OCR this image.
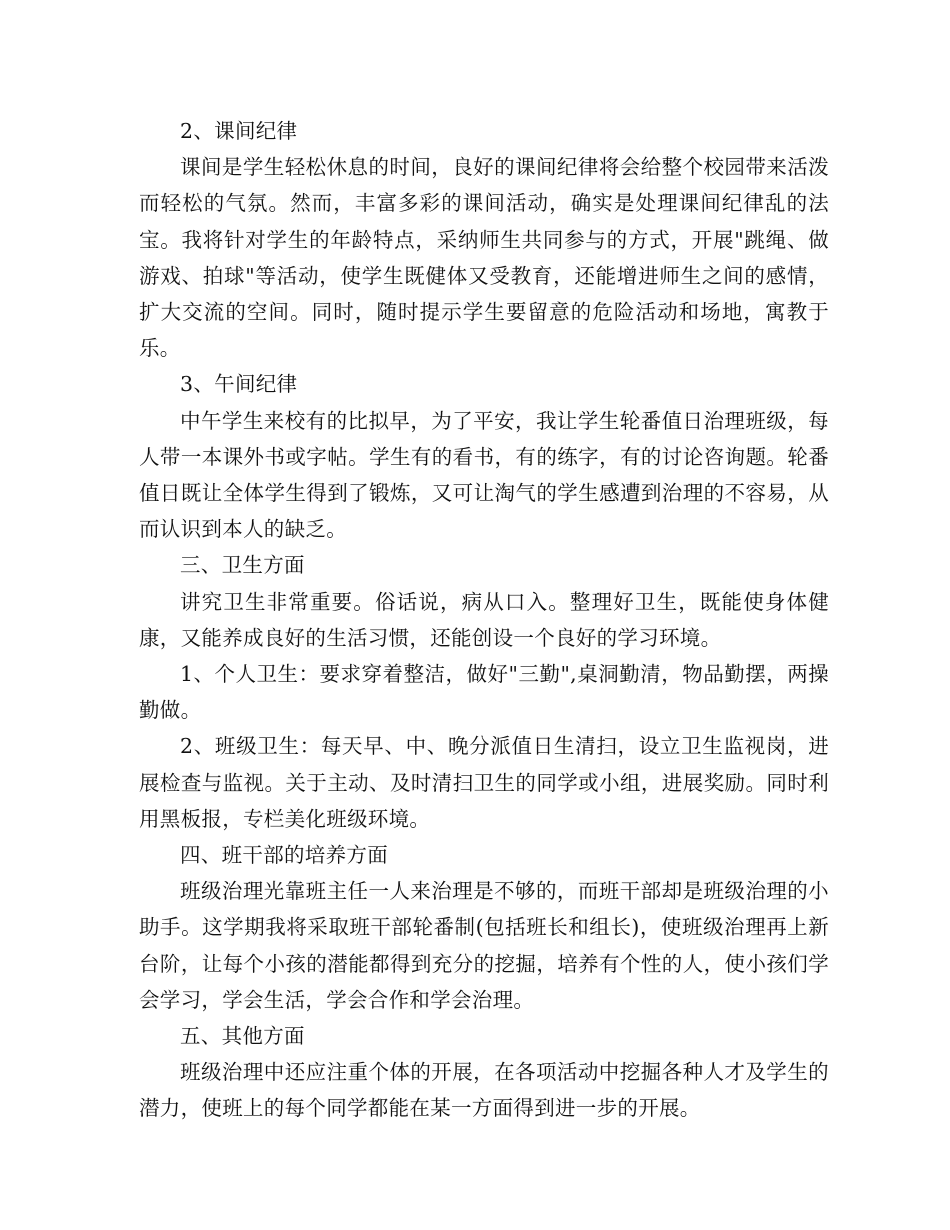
2、课间纪律

课间是学生轻松休息的时间，良好的课间纪律将会给整个校园带来活泼而轻松的气氛。然而，丰富多彩的课间活动，确实是处理课间纪律乱的法宝。我将针对学生的年龄特点，采纳师生共同参与的方式，开展"跳绳、做游戏、拍球"等活动，使学生既健体又受教育，还能增进师生之间的感情，扩大交流的空间。同时，随时提示学生要留意的危险活动和场地，寓教于乐。

3、午间纪律

中午学生来校有的比拟早，为了平安，我让学生轮番值日治理班级，每人带一本课外书或字帖。学生有的看书，有的练字，有的讨论咨询题。轮番值日既让全体学生得到了锻炼，又可让淘气的学生感遭到治理的不容易，从而认识到本人的缺乏。

三、卫生方面

讲究卫生非常重要。俗话说，病从口入。整理好卫生，既能使身体健康，又能养成良好的生活习惯，还能创设一个良好的学习环境。

1、个人卫生：要求穿着整洁，做好"三勤",桌洞勤清，物品勤摆，两操勤做。

2、班级卫生：每天早、中、晚分派值日生清扫，设立卫生监视岗，进展检查与监视。关于主动、及时清扫卫生的同学或小组，进展奖励。同时利用黑板报，专栏美化班级环境。

四、班干部的培养方面

班级治理光靠班主任一人来治理是不够的，而班干部却是班级治理的小助手。这学期我将采取班干部轮番制(包括班长和组长)，使班级治理再上新台阶，让每个小孩的潜能都得到充分的挖掘，培养有个性的人，使小孩们学会学习，学会生活，学会合作和学会治理。

五、其他方面

班级治理中还应注重个体的开展，在各项活动中挖掘各种人才及学生的潜力，使班上的每个同学都能在某一方面得到进一步的开展。
